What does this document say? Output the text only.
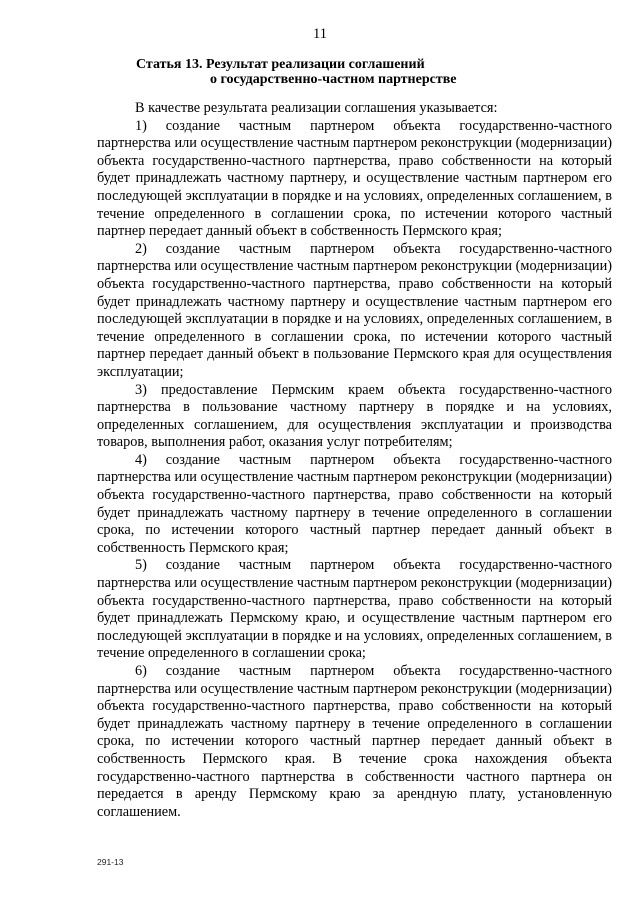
11
Статья 13. Результат реализации соглашений
о государственно-частном партнерстве

В качестве результата реализации соглашения указывается:

1) создание частным партнером объекта государственно-частного партнерства или осуществление частным партнером реконструкции (модернизации) объекта государственно-частного партнерства, право собственности на который будет принадлежать частному партнеру, и осуществление частным партнером его последующей эксплуатации в порядке и на условиях, определенных соглашением, в течение определенного в соглашении срока, по истечении которого частный партнер передает данный объект в собственность Пермского края;

2) создание частным партнером объекта государственно-частного партнерства или осуществление частным партнером реконструкции (модернизации) объекта государственно-частного партнерства, право собственности на который будет принадлежать частному партнеру и осуществление частным партнером его последующей эксплуатации в порядке и на условиях, определенных соглашением, в течение определенного в соглашении срока, по истечении которого частный партнер передает данный объект в пользование Пермского края для осуществления эксплуатации;

3) предоставление Пермским краем объекта государственно-частного партнерства в пользование частному партнеру в порядке и на условиях, определенных соглашением, для осуществления эксплуатации и производства товаров, выполнения работ, оказания услуг потребителям;

4) создание частным партнером объекта государственно-частного партнерства или осуществление частным партнером реконструкции (модернизации) объекта государственно-частного партнерства, право собственности на который будет принадлежать частному партнеру в течение определенного в соглашении срока, по истечении которого частный партнер передает данный объект в собственность Пермского края;

5) создание частным партнером объекта государственно-частного партнерства или осуществление частным партнером реконструкции (модернизации) объекта государственно-частного партнерства, право собственности на который будет принадлежать Пермскому краю, и осуществление частным партнером его последующей эксплуатации в порядке и на условиях, определенных соглашением, в течение определенного в соглашении срока;

6) создание частным партнером объекта государственно-частного партнерства или осуществление частным партнером реконструкции (модернизации) объекта государственно-частного партнерства, право собственности на который будет принадлежать частному партнеру в течение определенного в соглашении срока, по истечении которого частный партнер передает данный объект в собственность Пермского края. В течение срока нахождения объекта государственно-частного партнерства в собственности частного партнера он передается в аренду Пермскому краю за арендную плату, установленную соглашением.

291-13
